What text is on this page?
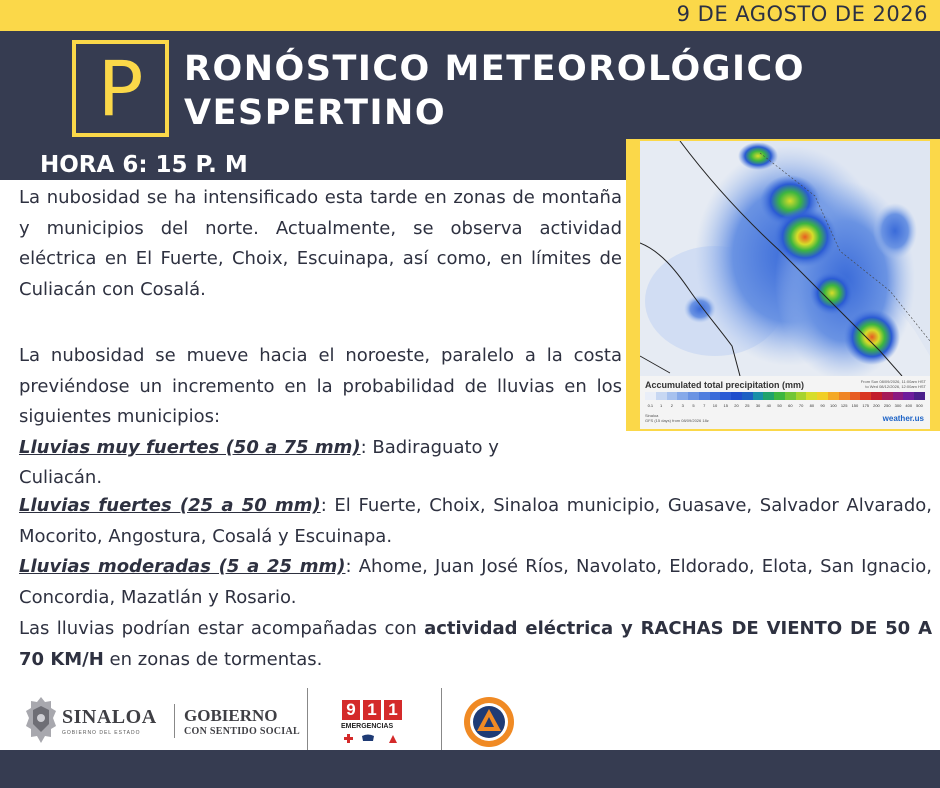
9 DE AGOSTO DE 2026
P	RONÓSTICO METEOROLÓGICO
VESPERTINO
HORA 6: 15 P. M
Accumulated total precipitation (mm)	From Sun 08/09/2026, 11:00am HST
to Wed 08/12/2026, 12:00am HST
0.1	1	2	3	5	7	10	15	20	25	30	40	50	60	70	80	90	100	125	150	175	200	250	300	400	500
Sinaloa
GFS (15 days) from 08/09/2026 18z	weather.us

La nubosidad se ha intensificado esta tarde en zonas de montaña y municipios del norte. Actualmente, se observa actividad eléctrica en El Fuerte, Choix, Escuinapa, así como, en límites de Culiacán con Cosalá.

La nubosidad se mueve hacia el noroeste, paralelo a la costa previéndose un incremento en la probabilidad de lluvias en los siguientes municipios:

Lluvias muy fuertes (50 a 75 mm): Badiraguato y

Culiacán.

Lluvias fuertes (25 a 50 mm): El Fuerte, Choix, Sinaloa municipio, Guasave, Salvador Alvarado, Mocorito, Angostura, Cosalá y Escuinapa.

Lluvias moderadas (5 a 25 mm): Ahome, Juan José Ríos, Navolato, Eldorado, Elota, San Ignacio, Concordia, Mazatlán y Rosario.

Las lluvias podrían estar acompañadas con actividad eléctrica y RACHAS DE VIENTO DE 50 A 70 KM/H en zonas de tormentas.

SINALOA
GOBIERNO DEL ESTADO
GOBIERNO
CON SENTIDO SOCIAL
9 1 1
EMERGENCIAS
